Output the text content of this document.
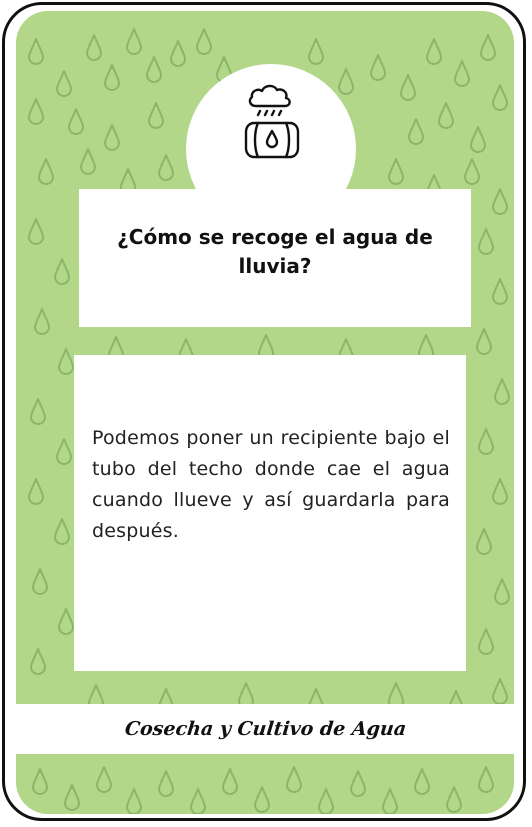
¿Cómo se recoge el agua de lluvia?

Podemos poner un recipiente bajo el tubo del techo donde cae el agua cuando llueve y así guardarla para después.

Cosecha y Cultivo de Agua
